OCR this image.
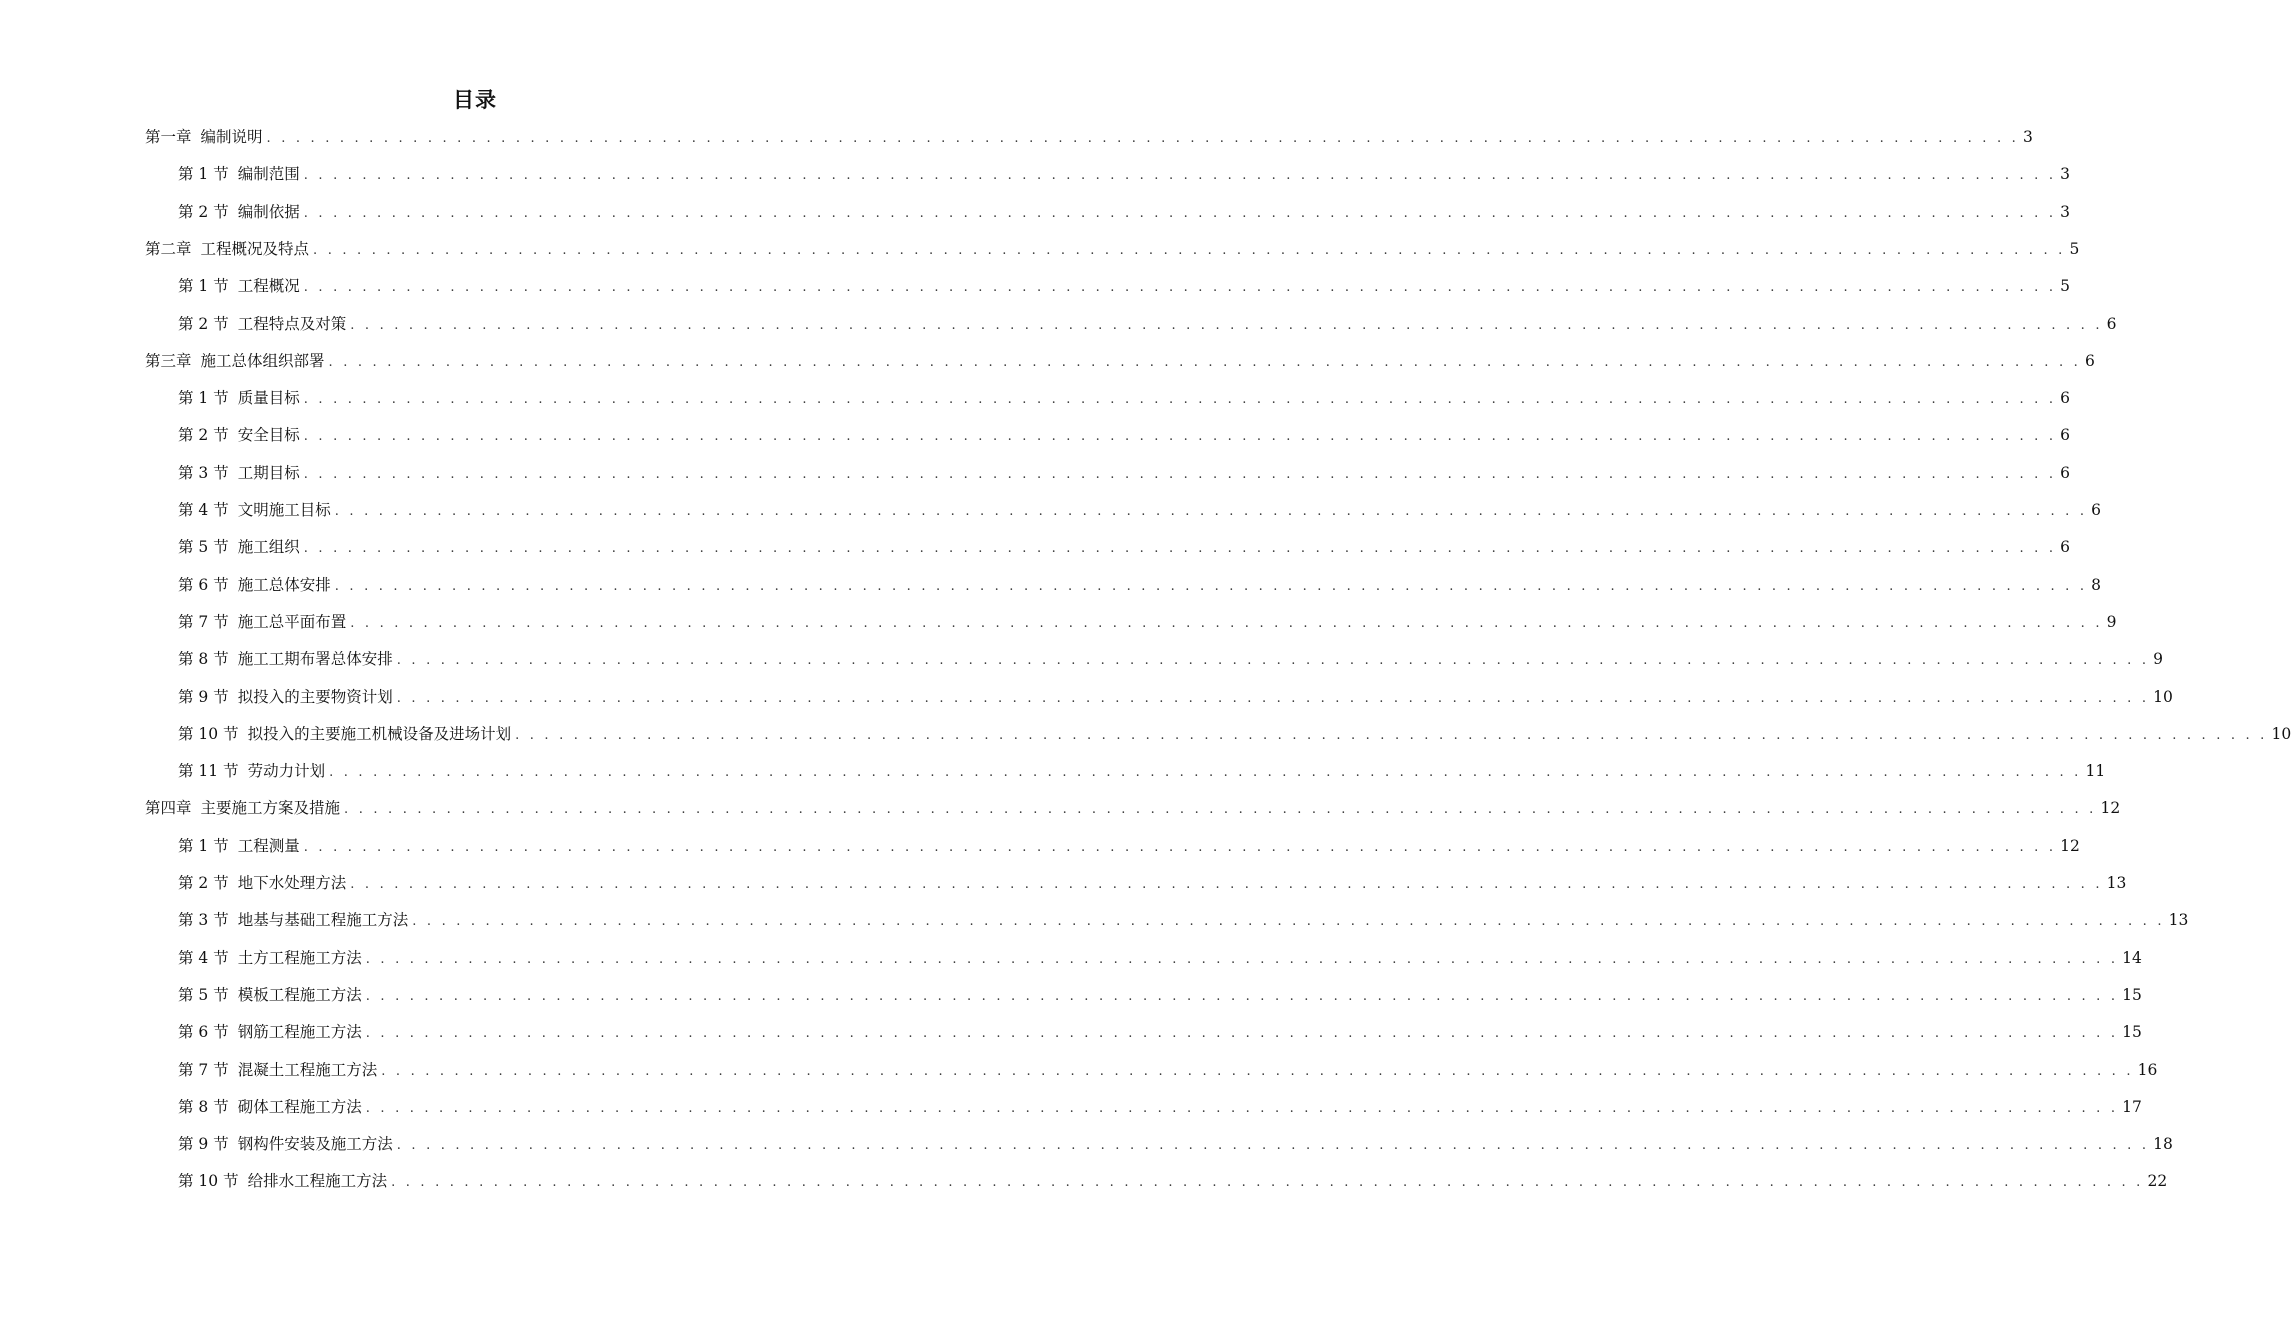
目录
第一章 编制说明 . . . . . . . . . . . . . . . . . . . . . . . . . . . . . . . . . . . . . . . . . . . . . . . . . . . . . . . . . . . . . . . . . . . . . . . . . . . . . . . . . . . . . . . . . . . . . . . . . . . . . . . . . . . . . . . . . . . . . . . . 3
第 1 节 编制范围 . . . . . . . . . . . . . . . . . . . . . . . . . . . . . . . . . . . . . . . . . . . . . . . . . . . . . . . . . . . . . . . . . . . . . . . . . . . . . . . . . . . . . . . . . . . . . . . . . . . . . . . . . . . . . . . . . . . . . . . . 3
第 2 节 编制依据 . . . . . . . . . . . . . . . . . . . . . . . . . . . . . . . . . . . . . . . . . . . . . . . . . . . . . . . . . . . . . . . . . . . . . . . . . . . . . . . . . . . . . . . . . . . . . . . . . . . . . . . . . . . . . . . . . . . . . . . . 3
第二章 工程概况及特点 . . . . . . . . . . . . . . . . . . . . . . . . . . . . . . . . . . . . . . . . . . . . . . . . . . . . . . . . . . . . . . . . . . . . . . . . . . . . . . . . . . . . . . . . . . . . . . . . . . . . . . . . . . . . . . . . . . . . . . . . 5
第 1 节 工程概况 . . . . . . . . . . . . . . . . . . . . . . . . . . . . . . . . . . . . . . . . . . . . . . . . . . . . . . . . . . . . . . . . . . . . . . . . . . . . . . . . . . . . . . . . . . . . . . . . . . . . . . . . . . . . . . . . . . . . . . . . 5
第 2 节 工程特点及对策 . . . . . . . . . . . . . . . . . . . . . . . . . . . . . . . . . . . . . . . . . . . . . . . . . . . . . . . . . . . . . . . . . . . . . . . . . . . . . . . . . . . . . . . . . . . . . . . . . . . . . . . . . . . . . . . . . . . . . . . . 6
第三章 施工总体组织部署 . . . . . . . . . . . . . . . . . . . . . . . . . . . . . . . . . . . . . . . . . . . . . . . . . . . . . . . . . . . . . . . . . . . . . . . . . . . . . . . . . . . . . . . . . . . . . . . . . . . . . . . . . . . . . . . . . . . . . . . . 6
第 1 节 质量目标 . . . . . . . . . . . . . . . . . . . . . . . . . . . . . . . . . . . . . . . . . . . . . . . . . . . . . . . . . . . . . . . . . . . . . . . . . . . . . . . . . . . . . . . . . . . . . . . . . . . . . . . . . . . . . . . . . . . . . . . . 6
第 2 节 安全目标 . . . . . . . . . . . . . . . . . . . . . . . . . . . . . . . . . . . . . . . . . . . . . . . . . . . . . . . . . . . . . . . . . . . . . . . . . . . . . . . . . . . . . . . . . . . . . . . . . . . . . . . . . . . . . . . . . . . . . . . . 6
第 3 节 工期目标 . . . . . . . . . . . . . . . . . . . . . . . . . . . . . . . . . . . . . . . . . . . . . . . . . . . . . . . . . . . . . . . . . . . . . . . . . . . . . . . . . . . . . . . . . . . . . . . . . . . . . . . . . . . . . . . . . . . . . . . . 6
第 4 节 文明施工目标 . . . . . . . . . . . . . . . . . . . . . . . . . . . . . . . . . . . . . . . . . . . . . . . . . . . . . . . . . . . . . . . . . . . . . . . . . . . . . . . . . . . . . . . . . . . . . . . . . . . . . . . . . . . . . . . . . . . . . . . . 6
第 5 节 施工组织 . . . . . . . . . . . . . . . . . . . . . . . . . . . . . . . . . . . . . . . . . . . . . . . . . . . . . . . . . . . . . . . . . . . . . . . . . . . . . . . . . . . . . . . . . . . . . . . . . . . . . . . . . . . . . . . . . . . . . . . . 6
第 6 节 施工总体安排 . . . . . . . . . . . . . . . . . . . . . . . . . . . . . . . . . . . . . . . . . . . . . . . . . . . . . . . . . . . . . . . . . . . . . . . . . . . . . . . . . . . . . . . . . . . . . . . . . . . . . . . . . . . . . . . . . . . . . . . . 8
第 7 节 施工总平面布置 . . . . . . . . . . . . . . . . . . . . . . . . . . . . . . . . . . . . . . . . . . . . . . . . . . . . . . . . . . . . . . . . . . . . . . . . . . . . . . . . . . . . . . . . . . . . . . . . . . . . . . . . . . . . . . . . . . . . . . . . 9
第 8 节 施工工期布署总体安排 . . . . . . . . . . . . . . . . . . . . . . . . . . . . . . . . . . . . . . . . . . . . . . . . . . . . . . . . . . . . . . . . . . . . . . . . . . . . . . . . . . . . . . . . . . . . . . . . . . . . . . . . . . . . . . . . . . . . . . . . 9
第 9 节 拟投入的主要物资计划 . . . . . . . . . . . . . . . . . . . . . . . . . . . . . . . . . . . . . . . . . . . . . . . . . . . . . . . . . . . . . . . . . . . . . . . . . . . . . . . . . . . . . . . . . . . . . . . . . . . . . . . . . . . . . . . . . . . . . . . . 10
第 10 节 拟投入的主要施工机械设备及进场计划 . . . . . . . . . . . . . . . . . . . . . . . . . . . . . . . . . . . . . . . . . . . . . . . . . . . . . . . . . . . . . . . . . . . . . . . . . . . . . . . . . . . . . . . . . . . . . . . . . . . . . . . . . . . . . . . . . . . . . . . . 10
第 11 节 劳动力计划 . . . . . . . . . . . . . . . . . . . . . . . . . . . . . . . . . . . . . . . . . . . . . . . . . . . . . . . . . . . . . . . . . . . . . . . . . . . . . . . . . . . . . . . . . . . . . . . . . . . . . . . . . . . . . . . . . . . . . . . . 11
第四章 主要施工方案及措施 . . . . . . . . . . . . . . . . . . . . . . . . . . . . . . . . . . . . . . . . . . . . . . . . . . . . . . . . . . . . . . . . . . . . . . . . . . . . . . . . . . . . . . . . . . . . . . . . . . . . . . . . . . . . . . . . . . . . . . . . 12
第 1 节 工程测量 . . . . . . . . . . . . . . . . . . . . . . . . . . . . . . . . . . . . . . . . . . . . . . . . . . . . . . . . . . . . . . . . . . . . . . . . . . . . . . . . . . . . . . . . . . . . . . . . . . . . . . . . . . . . . . . . . . . . . . . . 12
第 2 节 地下水处理方法 . . . . . . . . . . . . . . . . . . . . . . . . . . . . . . . . . . . . . . . . . . . . . . . . . . . . . . . . . . . . . . . . . . . . . . . . . . . . . . . . . . . . . . . . . . . . . . . . . . . . . . . . . . . . . . . . . . . . . . . . 13
第 3 节 地基与基础工程施工方法 . . . . . . . . . . . . . . . . . . . . . . . . . . . . . . . . . . . . . . . . . . . . . . . . . . . . . . . . . . . . . . . . . . . . . . . . . . . . . . . . . . . . . . . . . . . . . . . . . . . . . . . . . . . . . . . . . . . . . . . . 13
第 4 节 土方工程施工方法 . . . . . . . . . . . . . . . . . . . . . . . . . . . . . . . . . . . . . . . . . . . . . . . . . . . . . . . . . . . . . . . . . . . . . . . . . . . . . . . . . . . . . . . . . . . . . . . . . . . . . . . . . . . . . . . . . . . . . . . . 14
第 5 节 模板工程施工方法 . . . . . . . . . . . . . . . . . . . . . . . . . . . . . . . . . . . . . . . . . . . . . . . . . . . . . . . . . . . . . . . . . . . . . . . . . . . . . . . . . . . . . . . . . . . . . . . . . . . . . . . . . . . . . . . . . . . . . . . . 15
第 6 节 钢筋工程施工方法 . . . . . . . . . . . . . . . . . . . . . . . . . . . . . . . . . . . . . . . . . . . . . . . . . . . . . . . . . . . . . . . . . . . . . . . . . . . . . . . . . . . . . . . . . . . . . . . . . . . . . . . . . . . . . . . . . . . . . . . . 15
第 7 节 混凝土工程施工方法 . . . . . . . . . . . . . . . . . . . . . . . . . . . . . . . . . . . . . . . . . . . . . . . . . . . . . . . . . . . . . . . . . . . . . . . . . . . . . . . . . . . . . . . . . . . . . . . . . . . . . . . . . . . . . . . . . . . . . . . . 16
第 8 节 砌体工程施工方法 . . . . . . . . . . . . . . . . . . . . . . . . . . . . . . . . . . . . . . . . . . . . . . . . . . . . . . . . . . . . . . . . . . . . . . . . . . . . . . . . . . . . . . . . . . . . . . . . . . . . . . . . . . . . . . . . . . . . . . . . 17
第 9 节 钢构件安装及施工方法 . . . . . . . . . . . . . . . . . . . . . . . . . . . . . . . . . . . . . . . . . . . . . . . . . . . . . . . . . . . . . . . . . . . . . . . . . . . . . . . . . . . . . . . . . . . . . . . . . . . . . . . . . . . . . . . . . . . . . . . . 18
第 10 节 给排水工程施工方法 . . . . . . . . . . . . . . . . . . . . . . . . . . . . . . . . . . . . . . . . . . . . . . . . . . . . . . . . . . . . . . . . . . . . . . . . . . . . . . . . . . . . . . . . . . . . . . . . . . . . . . . . . . . . . . . . . . . . . . . . 22
